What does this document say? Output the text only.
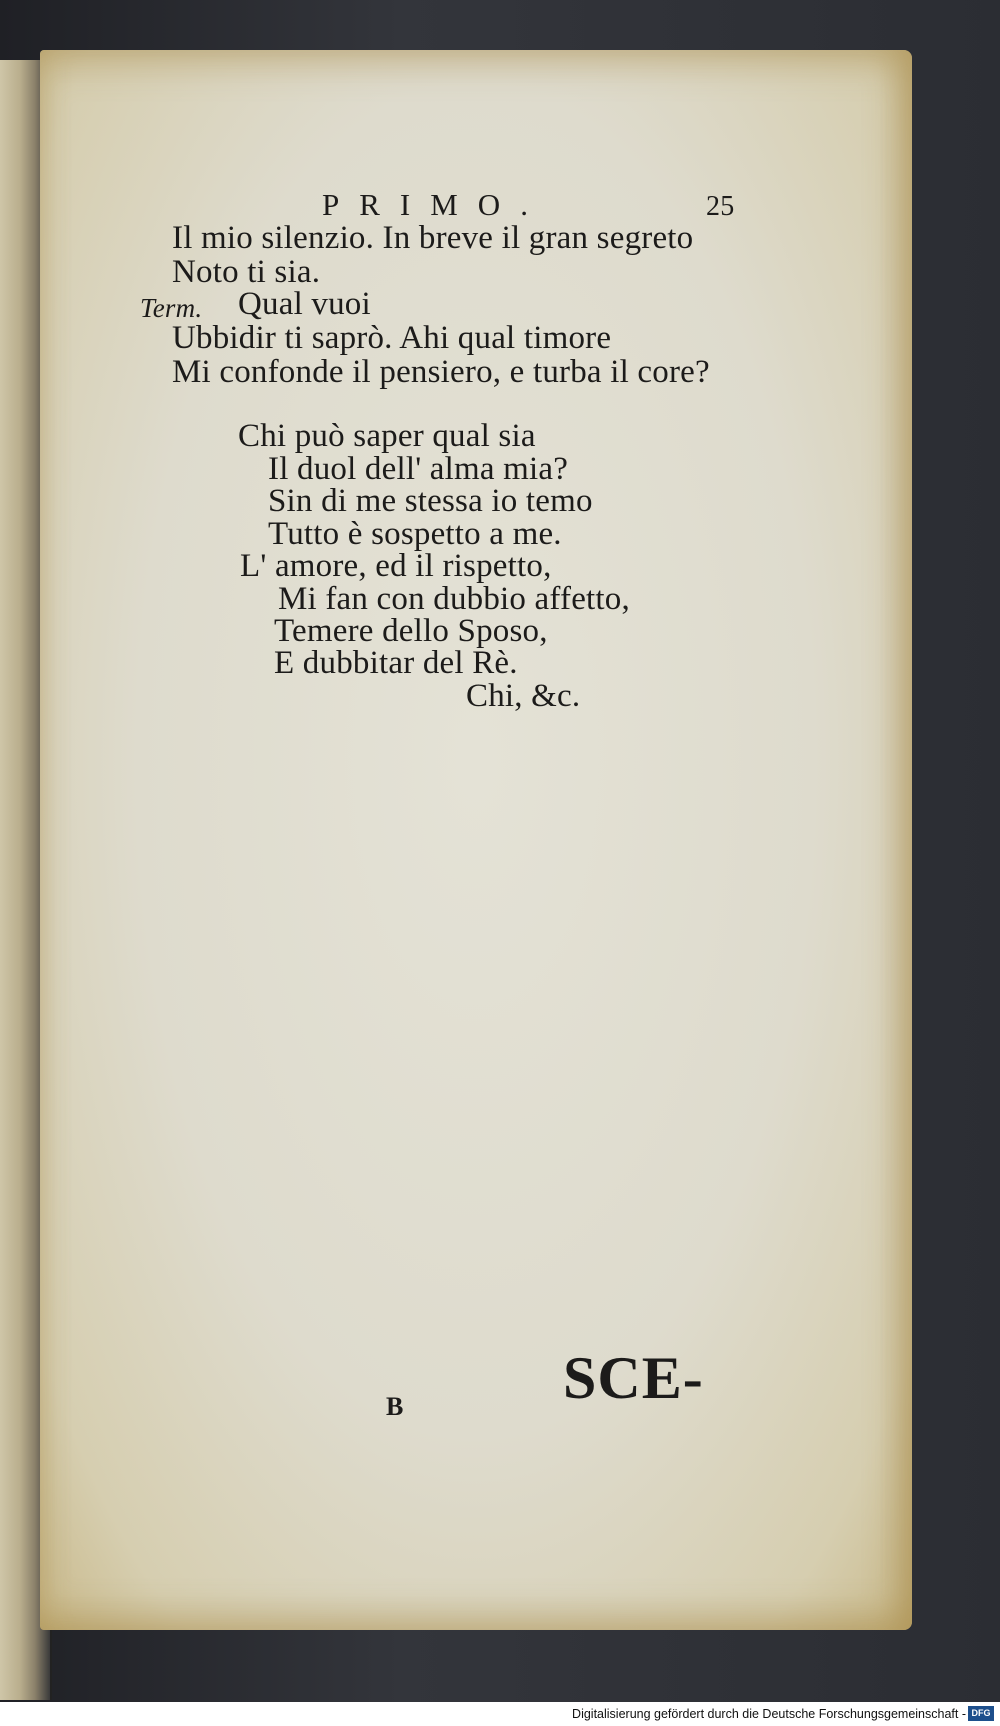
PRIMO.	25
Il mio silenzio. In breve il gran segreto
Noto ti sia.
Term. Qual vuoi
Ubbidir ti saprò. Ahi qual timore
Mi confonde il pensiero, e turba il core?
Chi può saper qual sia
Il duol dell' alma mia?
Sin di me stessa io temo
Tutto è sospetto a me.
L' amore, ed il rispetto,
Mi fan con dubbio affetto,
Temere dello Sposo,
E dubbitar del Rè.
Chi, &c.
B	SCE-
Digitalisierung gefördert durch die Deutsche Forschungsgemeinschaft - DFG
